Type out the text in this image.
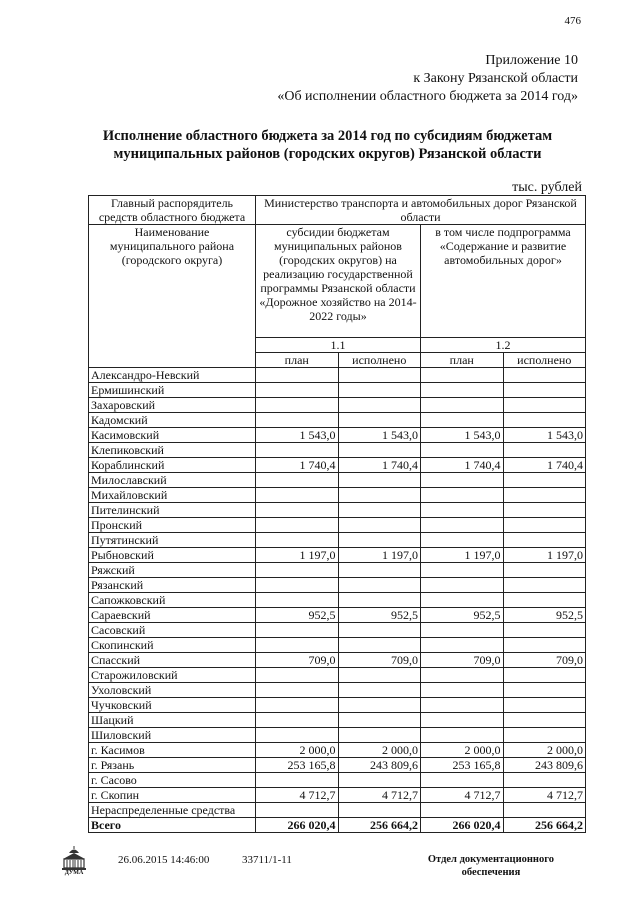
476
Приложение 10
к Закону Рязанской области
«Об исполнении областного бюджета за 2014 год»
Исполнение областного бюджета за 2014 год по субсидиям бюджетам
муниципальных районов (городских округов) Рязанской области
тыс. рублей
Главный распорядитель средств областного бюджета	Министерство транспорта и автомобильных дорог Рязанской области			
Наименование муниципального района (городского округа)	субсидии бюджетам муниципальных районов (городских округов) на реализацию государственной программы Рязанской области «Дорожное хозяйство на 2014-2022 годы»		в том числе подпрограмма «Содержание и развитие автомобильных дорог»	
	1.1		1.2	
	план	исполнено	план	исполнено
Александро-Невский				
Ермишинский				
Захаровский				
Кадомский				
Касимовский	1 543,0	1 543,0	1 543,0	1 543,0
Клепиковский				
Кораблинский	1 740,4	1 740,4	1 740,4	1 740,4
Милославский				
Михайловский				
Пителинский				
Пронский				
Путятинский				
Рыбновский	1 197,0	1 197,0	1 197,0	1 197,0
Ряжский				
Рязанский				
Сапожковский				
Сараевский	952,5	952,5	952,5	952,5
Сасовский				
Скопинский				
Спасский	709,0	709,0	709,0	709,0
Старожиловский				
Ухоловский				
Чучковский				
Шацкий				
Шиловский				
г. Касимов	2 000,0	2 000,0	2 000,0	2 000,0
г. Рязань	253 165,8	243 809,6	253 165,8	243 809,6
г. Сасово				
г. Скопин	4 712,7	4 712,7	4 712,7	4 712,7
Нераспределенные средства				
Всего	266 020,4	256 664,2	266 020,4	256 664,2
ДУМА
26.06.2015 14:46:00	33711/1-11	Отдел документационного
обеспечения
